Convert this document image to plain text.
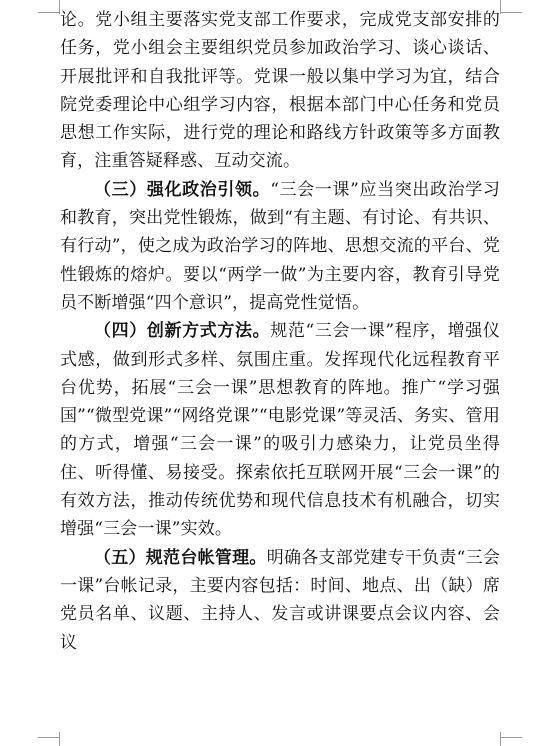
论。党小组主要落实党支部工作要求，完成党支部安排的任务，党小组会主要组织党员参加政治学习、谈心谈话、开展批评和自我批评等。党课一般以集中学习为宜，结合院党委理论中心组学习内容，根据本部门中心任务和党员思想工作实际，进行党的理论和路线方针政策等多方面教育，注重答疑释惑、互动交流。

（三）强化政治引领。“三会一课”应当突出政治学习和教育，突出党性锻炼，做到“有主题、有讨论、有共识、有行动”，使之成为政治学习的阵地、思想交流的平台、党性锻炼的熔炉。要以“两学一做”为主要内容，教育引导党员不断增强“四个意识”，提高党性觉悟。

（四）创新方式方法。规范“三会一课”程序，增强仪式感，做到形式多样、氛围庄重。发挥现代化远程教育平台优势，拓展“三会一课”思想教育的阵地。推广“学习强国”“微型党课”“网络党课”“电影党课”等灵活、务实、管用的方式，增强“三会一课”的吸引力感染力，让党员坐得住、听得懂、易接受。探索依托互联网开展“三会一课”的有效方法，推动传统优势和现代信息技术有机融合，切实增强“三会一课”实效。

（五）规范台帐管理。明确各支部党建专干负责“三会一课”台帐记录，主要内容包括：时间、地点、出（缺）席党员名单、议题、主持人、发言或讲课要点会议内容、会议
